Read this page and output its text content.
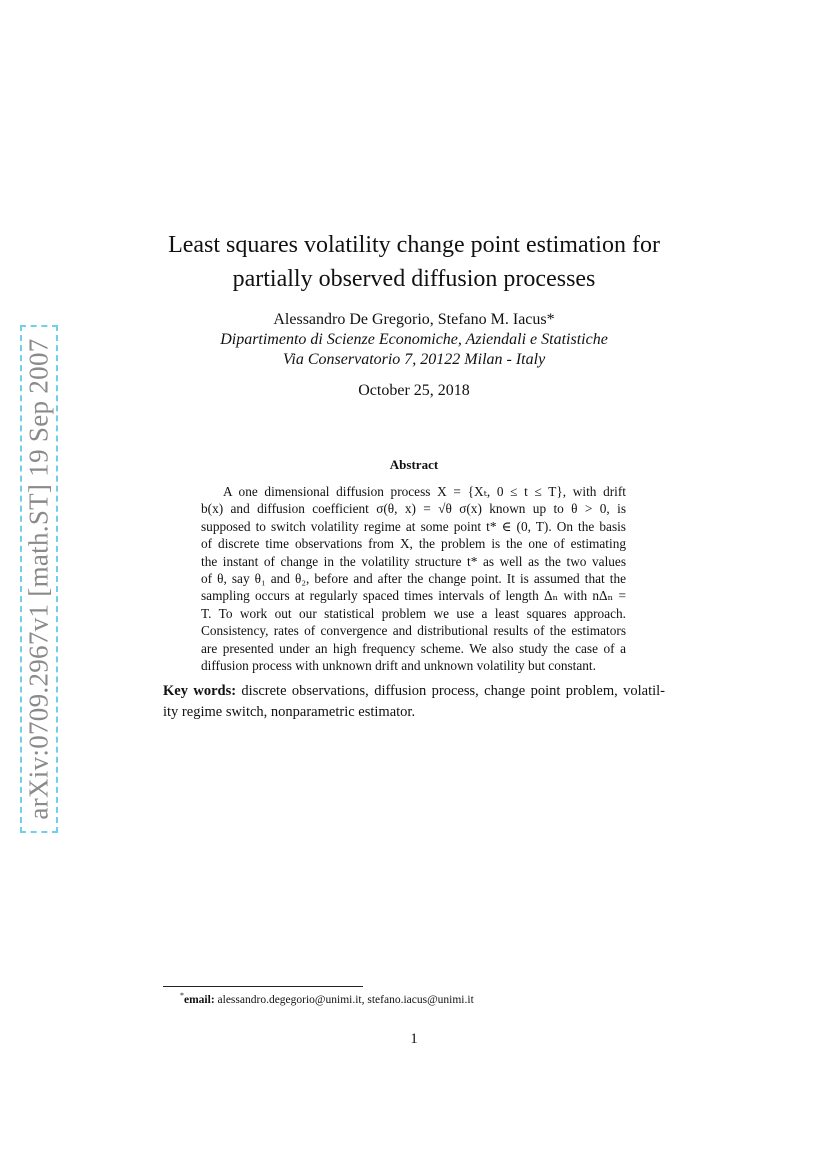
arXiv:0709.2967v1 [math.ST] 19 Sep 2007
Least squares volatility change point estimation for
partially observed diffusion processes
Alessandro De Gregorio, Stefano M. Iacus*
Dipartimento di Scienze Economiche, Aziendali e Statistiche
Via Conservatorio 7, 20122 Milan - Italy
October 25, 2018
Abstract
A one dimensional diffusion process X = {Xₜ, 0 ≤ t ≤ T}, with drift
b(x) and diffusion coefficient σ(θ, x) = √θ σ(x) known up to θ > 0, is
supposed to switch volatility regime at some point t* ∈ (0, T). On the basis
of discrete time observations from X, the problem is the one of estimating
the instant of change in the volatility structure t* as well as the two values
of θ, say θ₁ and θ₂, before and after the change point. It is assumed that the
sampling occurs at regularly spaced times intervals of length Δₙ with nΔₙ =
T. To work out our statistical problem we use a least squares approach.
Consistency, rates of convergence and distributional results of the estimators
are presented under an high frequency scheme. We also study the case of a
diffusion process with unknown drift and unknown volatility but constant.
Key words: discrete observations, diffusion process, change point problem, volatil-
ity regime switch, nonparametric estimator.
*email: alessandro.degegorio@unimi.it, stefano.iacus@unimi.it
1
